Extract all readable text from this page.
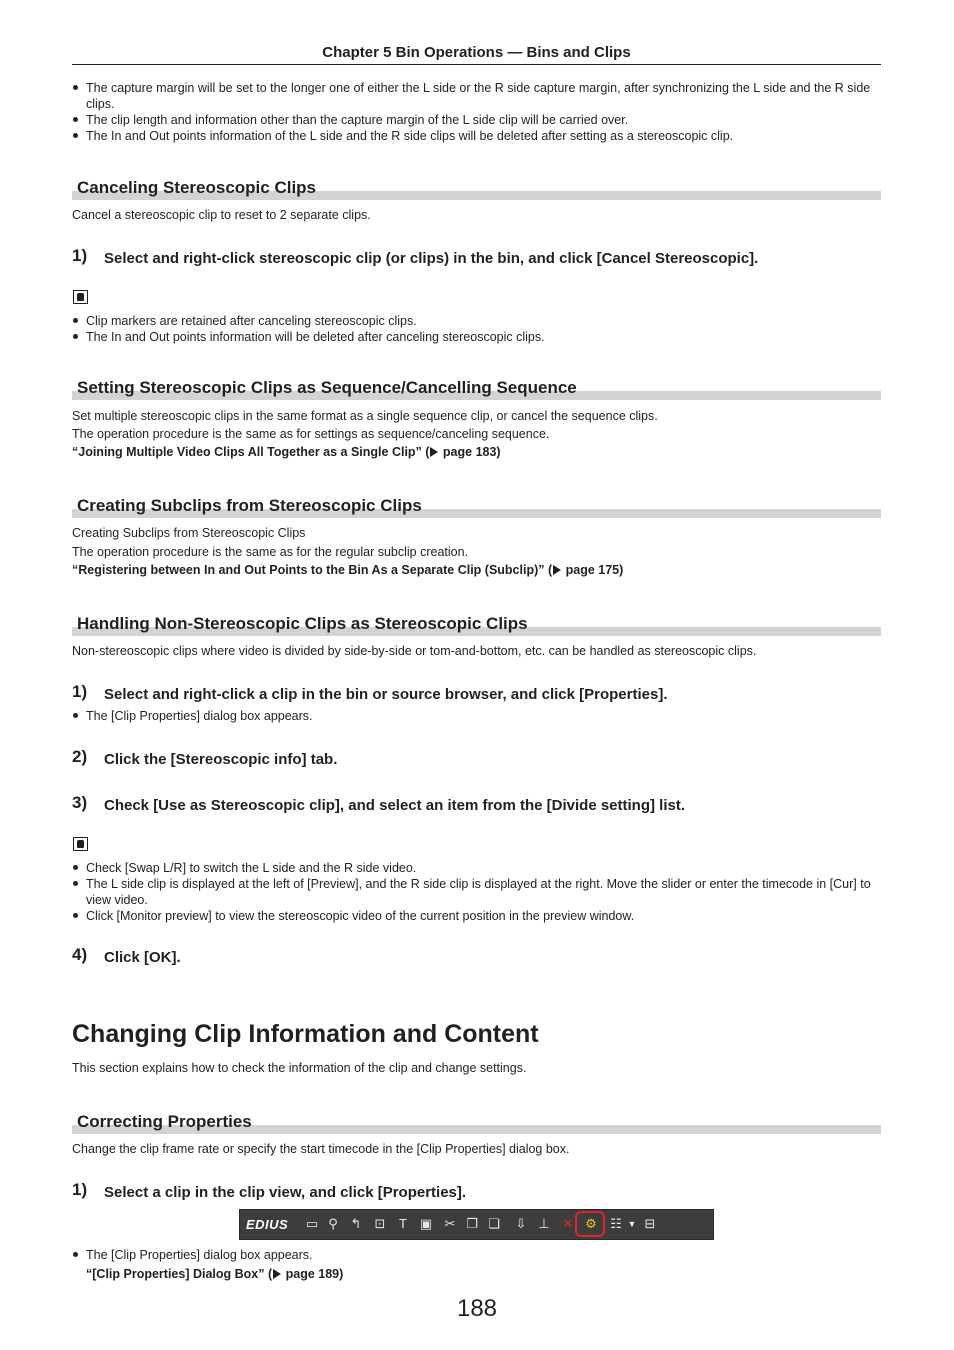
Chapter 5 Bin Operations — Bins and Clips
The capture margin will be set to the longer one of either the L side or the R side capture margin, after synchronizing the L side and the R side clips.
The clip length and information other than the capture margin of the L side clip will be carried over.
The In and Out points information of the L side and the R side clips will be deleted after setting as a stereoscopic clip.
Canceling Stereoscopic Clips
Cancel a stereoscopic clip to reset to 2 separate clips.
1) Select and right-click stereoscopic clip (or clips) in the bin, and click [Cancel Stereoscopic].
Clip markers are retained after canceling stereoscopic clips.
The In and Out points information will be deleted after canceling stereoscopic clips.
Setting Stereoscopic Clips as Sequence/Cancelling Sequence
Set multiple stereoscopic clips in the same format as a single sequence clip, or cancel the sequence clips.
The operation procedure is the same as for settings as sequence/canceling sequence.
“Joining Multiple Video Clips All Together as a Single Clip” ( page 183)
Creating Subclips from Stereoscopic Clips
Creating Subclips from Stereoscopic Clips
The operation procedure is the same as for the regular subclip creation.
“Registering between In and Out Points to the Bin As a Separate Clip (Subclip)” ( page 175)
Handling Non-Stereoscopic Clips as Stereoscopic Clips
Non-stereoscopic clips where video is divided by side-by-side or tom-and-bottom, etc. can be handled as stereoscopic clips.
1) Select and right-click a clip in the bin or source browser, and click [Properties].
The [Clip Properties] dialog box appears.
2) Click the [Stereoscopic info] tab.
3) Check [Use as Stereoscopic clip], and select an item from the [Divide setting] list.
Check [Swap L/R] to switch the L side and the R side video.
The L side clip is displayed at the left of [Preview], and the R side clip is displayed at the right. Move the slider or enter the timecode in [Cur] to view video.
Click [Monitor preview] to view the stereoscopic video of the current position in the preview window.
4) Click [OK].
Changing Clip Information and Content
This section explains how to check the information of the clip and change settings.
Correcting Properties
Change the clip frame rate or specify the start timecode in the [Clip Properties] dialog box.
1) Select a clip in the clip view, and click [Properties].
EDIUS ▭ ⚲ ↰ ⊡	T ▣ ✂ ❐ ❏ ⇩ ⊥ ✕ ⚙ ☷ ▼ ⊟
The [Clip Properties] dialog box appears.
“[Clip Properties] Dialog Box” ( page 189)
188
